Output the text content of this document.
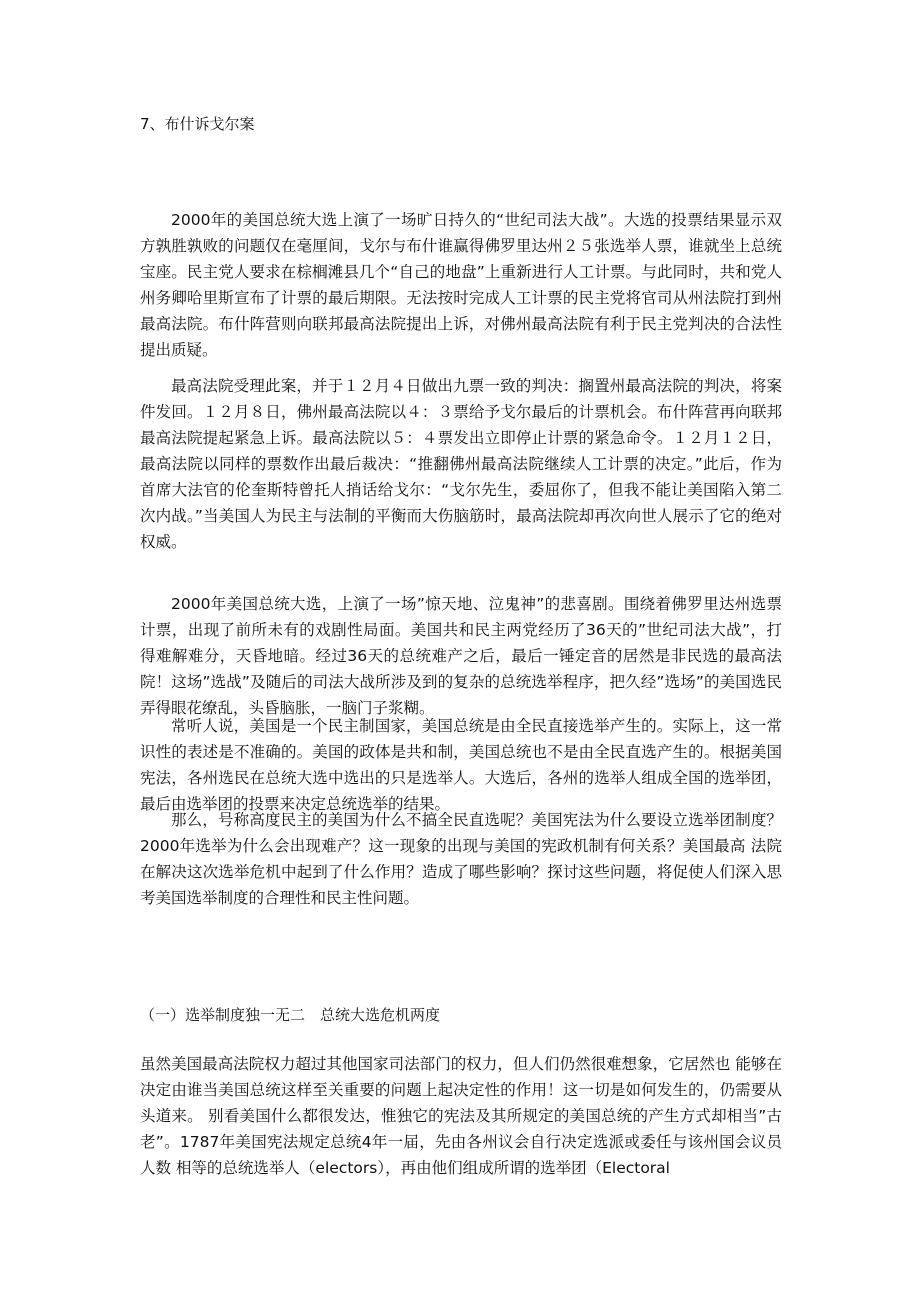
7、布什诉戈尔案

2000年的美国总统大选上演了一场旷日持久的“世纪司法大战”。大选的投票结果显示双方孰胜孰败的问题仅在毫厘间，戈尔与布什谁赢得佛罗里达州２５张选举人票，谁就坐上总统宝座。民主党人要求在棕榈滩县几个“自己的地盘”上重新进行人工计票。与此同时，共和党人州务卿哈里斯宣布了计票的最后期限。无法按时完成人工计票的民主党将官司从州法院打到州最高法院。布什阵营则向联邦最高法院提出上诉，对佛州最高法院有利于民主党判决的合法性提出质疑。

最高法院受理此案，并于１２月４日做出九票一致的判决：搁置州最高法院的判决，将案件发回。１２月８日，佛州最高法院以４：３票给予戈尔最后的计票机会。布什阵营再向联邦最高法院提起紧急上诉。最高法院以５：４票发出立即停止计票的紧急命令。１２月１２日，最高法院以同样的票数作出最后裁决：“推翻佛州最高法院继续人工计票的决定。”此后，作为首席大法官的伦奎斯特曾托人捎话给戈尔：“戈尔先生，委屈你了，但我不能让美国陷入第二次内战。”当美国人为民主与法制的平衡而大伤脑筋时，最高法院却再次向世人展示了它的绝对权威。

2000年美国总统大选，上演了一场”惊天地、泣鬼神”的悲喜剧。围绕着佛罗里达州选票 计票，出现了前所未有的戏剧性局面。美国共和民主两党经历了36天的”世纪司法大战”，打 得难解难分，天昏地暗。经过36天的总统难产之后，最后一锤定音的居然是非民选的最高法 院！这场”选战”及随后的司法大战所涉及到的复杂的总统选举程序，把久经”选场”的美国选民 弄得眼花缭乱，头昏脑胀，一脑门子浆糊。

常听人说，美国是一个民主制国家，美国总统是由全民直接选举产生的。实际上，这一常识性的表述是不准确的。美国的政体是共和制，美国总统也不是由全民直选产生的。根据美国宪法，各州选民在总统大选中选出的只是选举人。大选后，各州的选举人组成全国的选举团，最后由选举团的投票来决定总统选举的结果。

那么，号称高度民主的美国为什么不搞全民直选呢？美国宪法为什么要设立选举团制度？2000年选举为什么会出现难产？这一现象的出现与美国的宪政机制有何关系？美国最高 法院在解决这次选举危机中起到了什么作用？造成了哪些影响？探讨这些问题，将促使人们深入思考美国选举制度的合理性和民主性问题。

（一）选举制度独一无二　总统大选危机两度

虽然美国最高法院权力超过其他国家司法部门的权力，但人们仍然很难想象，它居然也 能够在决定由谁当美国总统这样至关重要的问题上起决定性的作用！这一切是如何发生的，仍需要从头道来。 别看美国什么都很发达，惟独它的宪法及其所规定的美国总统的产生方式却相当”古老”。1787年美国宪法规定总统4年一届，先由各州议会自行决定选派或委任与该州国会议员人数 相等的总统选举人（electors），再由他们组成所谓的选举团（Electoral
